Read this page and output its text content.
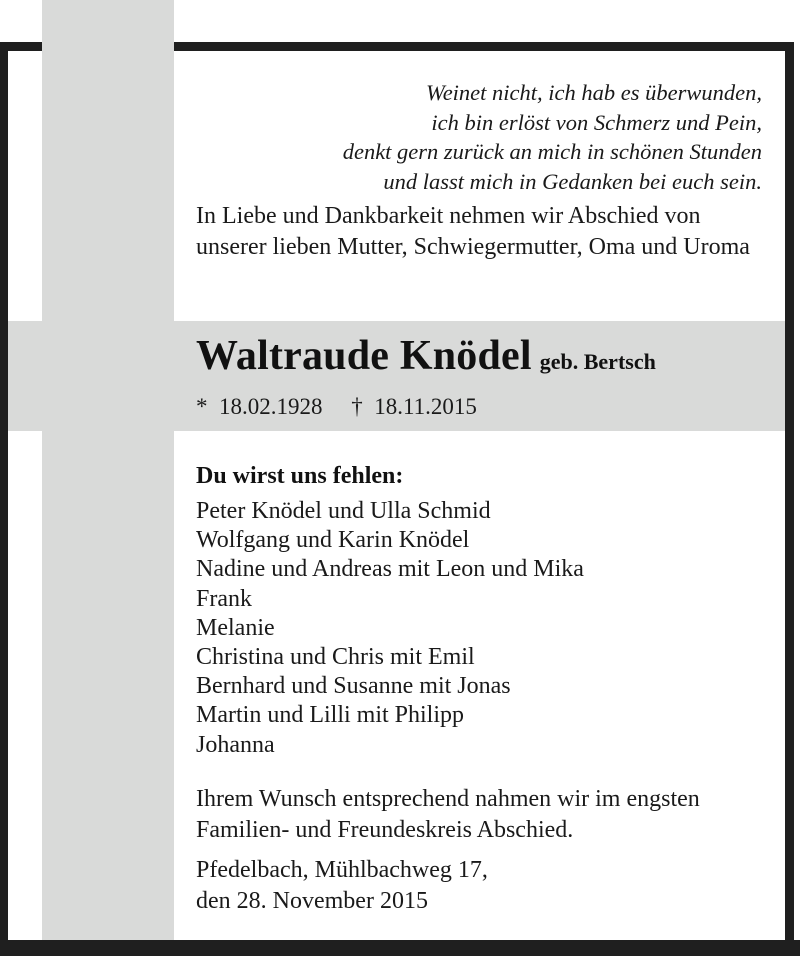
Weinet nicht, ich hab es überwunden,
ich bin erlöst von Schmerz und Pein,
denkt gern zurück an mich in schönen Stunden
und lasst mich in Gedanken bei euch sein.
In Liebe und Dankbarkeit nehmen wir Abschied von unserer lieben Mutter, Schwiegermutter, Oma und Uroma
Waltraude Knödel geb. Bertsch
*  18.02.1928     †  18.11.2015
Du wirst uns fehlen:
Peter Knödel und Ulla Schmid
Wolfgang und Karin Knödel
Nadine und Andreas mit Leon und Mika
Frank
Melanie
Christina und Chris mit Emil
Bernhard und Susanne mit Jonas
Martin und Lilli mit Philipp
Johanna
Ihrem Wunsch entsprechend nahmen wir im engsten Familien- und Freundeskreis Abschied.
Pfedelbach, Mühlbachweg 17,
den 28. November 2015
